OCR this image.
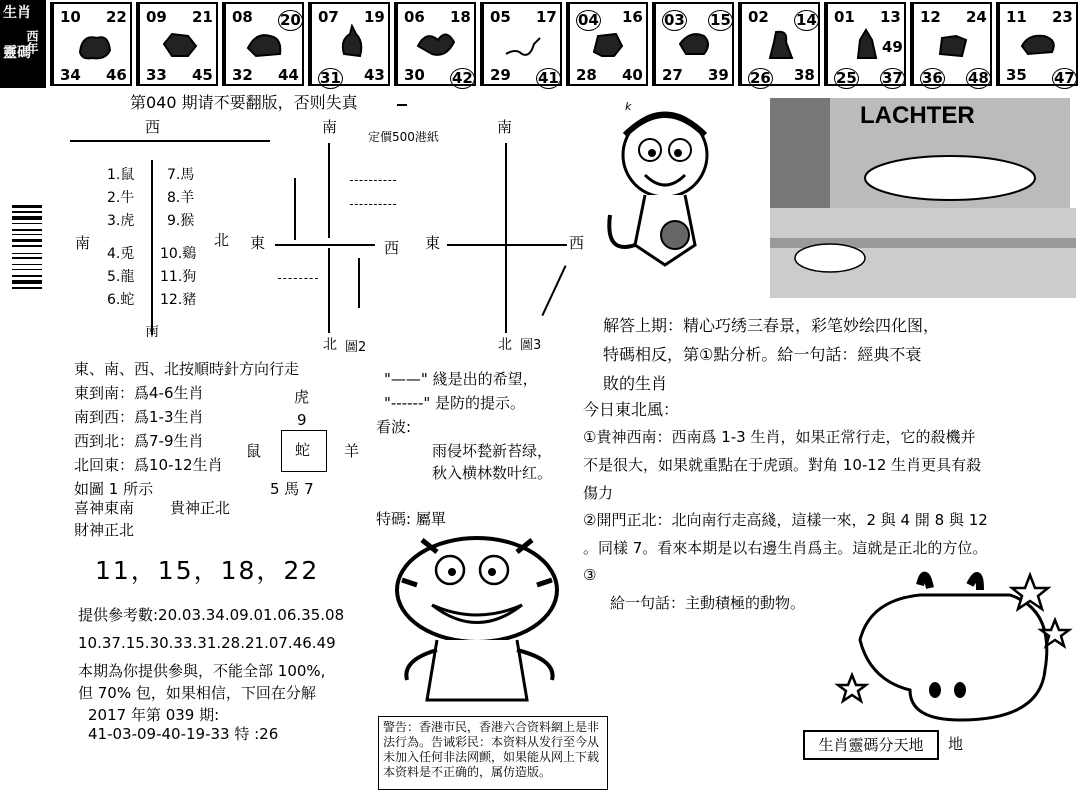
生肖
靈碼
西年
10 22
34 46
09 21
33 45
08 20
32 44
07 19
31 43
06 18
30 42
05 17
29 41
04 16
28 40
03 15
27 39
02 14
26 38
01 13
25 37
49
12 24
36 48
11 23
35 47
第040 期请不要翻版，否则失真
定價500港紙
西
南	北
南
1.鼠
2.牛
3.虎
4.兎
5.龍
6.蛇
7.馬
8.羊
9.猴
10.鷄
11.狗
12.豬
南
東	西
北 圖2
南
東	西
北 圖3
k	LACHTER
東、南、西、北按順時針方向行走
東到南：爲4-6生肖
南到西：爲1-3生肖
西到北：爲7-9生肖
北回東：爲10-12生肖
如圖 1 所示
喜神東南 貴神正北
財神正北
11，15，18，22
提供參考數:20.03.34.09.01.06.35.08
10.37.15.30.33.31.28.21.07.46.49
本期為你提供參與，不能全部 100%,
但 70% 包，如果相信，下回在分解
2017 年第 039 期:
41-03-09-40-19-33 特 :26
虎
9
鼠 蛇 羊
5 馬 7
"——" 綫是出的希望，
"------" 是防的提示。
看波:
雨侵坏甃新苔绿，
秋入横林数叶红。
特碼: 屬單
解答上期：精心巧绣三春景，彩笔妙绘四化图，
特碼相反，第①點分析。給一句話：經典不衰
敗的生肖
今日東北風：
①貴神西南：西南爲 1-3 生肖，如果正常行走，它的殺機并
不是很大，如果就重點在于虎頭。對角 10-12 生肖更具有殺
傷力
②開門正北：北向南行走高綫，這樣一來，2 與 4 開 8 與 12
。同樣 7。看來本期是以右邊生肖爲主。這就是正北的方位。
③
給一句話：主動積極的動物。
警告：香港市民，香港六合资料網上是非法行為。告诫彩民：本资料从发行至今从未加入任何非法网颤，如果能从网上下载本资料是不正确的，属仿造版。
生肖靈碼分天地	地
